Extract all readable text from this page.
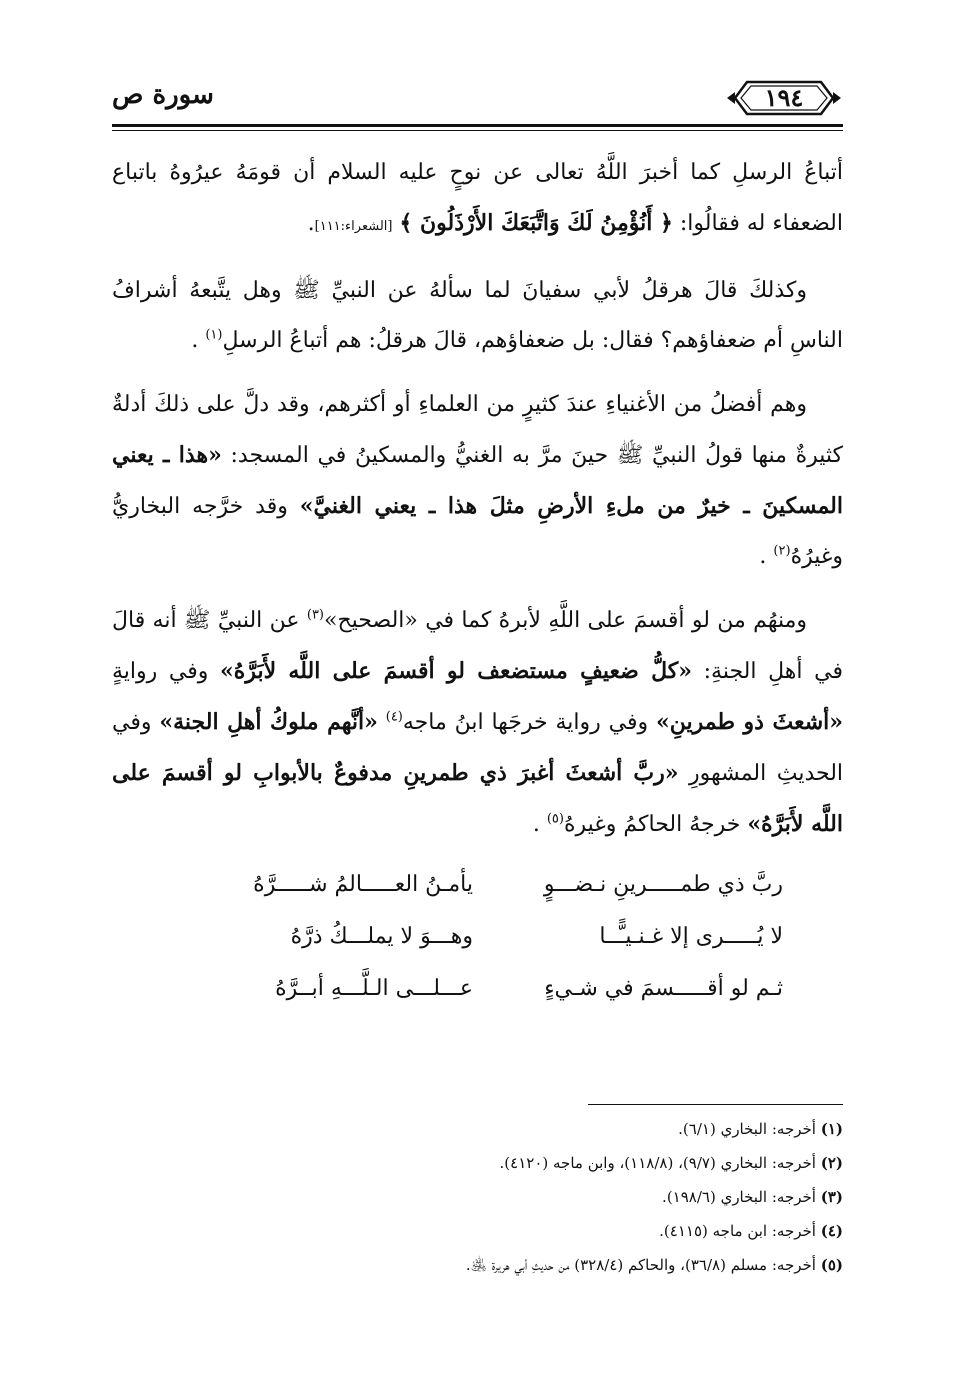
١٩٤
سورة ص

أتباعُ الرسلِ كما أخبرَ اللَّهُ تعالى عن نوحٍ عليه السلام أن قومَهُ عيرُوهُ باتباع الضعفاء له فقالُوا: ﴿ أَنُؤْمِنُ لَكَ وَاتَّبَعَكَ الأَرْذَلُونَ ﴾ [الشعراء:١١١].

وكذلكَ قالَ هرقلُ لأبي سفيانَ لما سألهُ عن النبيِّ ﷺ وهل يتَّبعهُ أشرافُ الناسِ أم ضعفاؤهم؟ فقال: بل ضعفاؤهم، قالَ هرقلُ: هم أتباعُ الرسلِ$^{(١)}$ .

وهم أفضلُ من الأغنياءِ عندَ كثيرٍ من العلماءِ أو أكثرهم، وقد دلَّ على ذلكَ أدلةٌ كثيرةٌ منها قولُ النبيِّ ﷺ حينَ مرَّ به الغنيُّ والمسكينُ في المسجد: «هذا ـ يعني المسكينَ ـ خيرٌ من ملءِ الأرضِ مثلَ هذا ـ يعني الغنيَّ» وقد خرَّجه البخاريُّ وغيرُهُ$^{(٢)}$ .

ومنهُم من لو أقسمَ على اللَّهِ لأبرهُ كما في «الصحيح»$^{(٣)}$ عن النبيِّ ﷺ أنه قالَ في أهلِ الجنةِ: «كلُّ ضعيفٍ مستضعف لو أقسمَ على اللَّه لأَبَرَّهُ» وفي روايةٍ «أشعثَ ذو طمرينِ» وفي رواية خرجَها ابنُ ماجه$^{(٤)}$ «أنَّهم ملوكُ أهلِ الجنة» وفي الحديثِ المشهورِ «ربَّ أشعثَ أغبرَ ذي طمرينِ مدفوعٌ بالأبوابِ لو أقسمَ على اللَّه لأَبَرَّهُ» خرجهُ الحاكمُ وغيرهُ$^{(٥)}$ .

ربَّ ذي طمـــــرينِ نـضـــوٍ
يأمـنُ العـــــالمُ شـــــرَّهُ
لا يُـــــرى إلا غـنـيـًّــا
وهـــوَ لا يملـــكُ ذرَّهُ
ثـم لو أقـــــسمَ في شـيءٍ
عـــلـــى الـلَّـــهِ أبــرَّهُ
(١) أخرجه: البخاري (٦/١).
(٢) أخرجه: البخاري (٩/٧)، (١١٨/٨)، وابن ماجه (٤١٢٠).
(٣) أخرجه: البخاري (١٩٨/٦).
(٤) أخرجه: ابن ماجه (٤١١٥).
(٥) أخرجه: مسلم (٣٦/٨)، والحاكم (٣٢٨/٤) من حديثِ أبي هريرة ﵁.
